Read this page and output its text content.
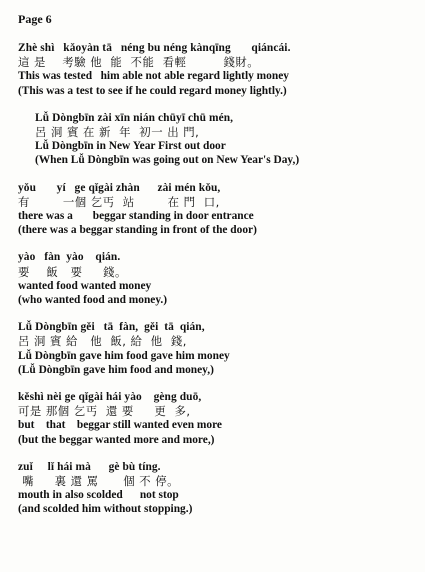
Page 6
Zhè shì   kǎoyàn tā   néng bu néng kànqīng       qiáncái.
這 是    考驗 他  能  不能  看輕         錢財。
This was tested   him able not able regard lightly money
(This was a test to see if he could regard money lightly.)
Lǚ Dòngbīn zài xīn nián chūyī chū mén,
呂 洞 賓 在 新  年  初一 出 門,
Lǚ Dòngbīn in New Year First out door
(When Lǚ Dòngbīn was going out on New Year's Day,)
yǒu       yí   ge qǐgài zhàn      zài mén kǒu,
有        一個 乞丐  站        在 門  口,
there was a       beggar standing in door entrance
(there was a beggar standing in front of the door)
yào   fàn  yào    qián.
要    飯   要     錢。
wanted food wanted money
(who wanted food and money.)
Lǚ Dòngbīn gěi   tā  fàn,  gěi  tā  qián,
呂 洞 賓 給   他  飯, 給  他  錢,
Lǚ Dòngbīn gave him food gave him money
(Lǚ Dòngbīn gave him food and money,)
kěshì nèi ge qǐgài hái yào    gèng duō,
可是 那個 乞丐  還 要     更  多,
but    that    beggar still wanted even more
(but the beggar wanted more and more,)
zuǐ     lǐ hái mà      gè bù tíng.
嘴     裏 還 罵      個 不 停。
mouth in also scolded      not stop
(and scolded him without stopping.)
